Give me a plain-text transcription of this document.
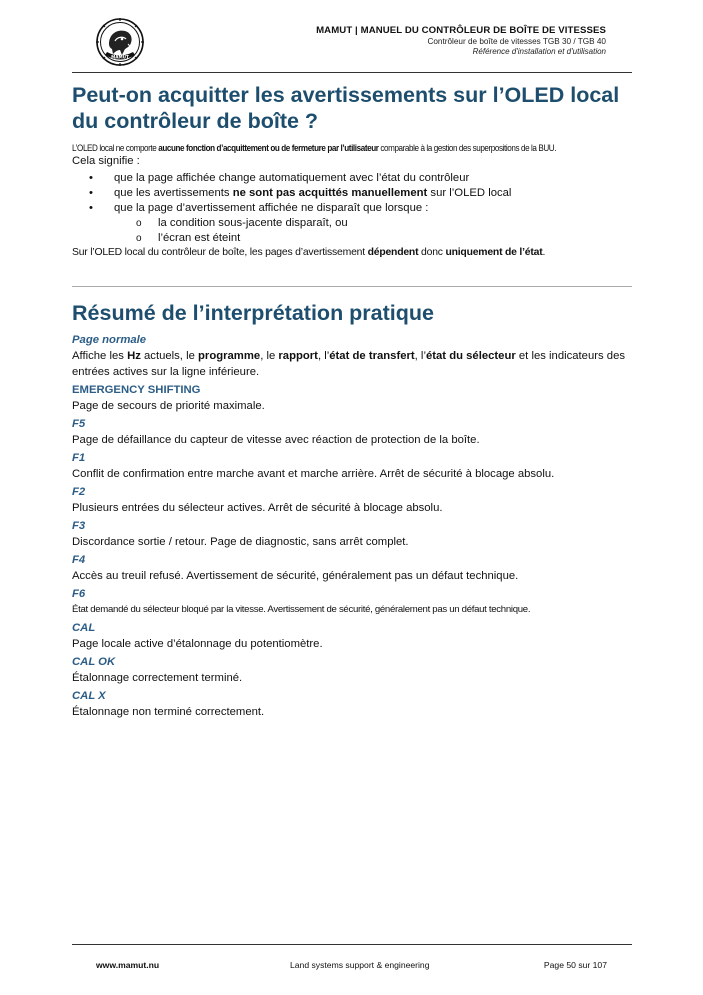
MAMUT
MAMUT | MANUEL DU CONTRÔLEUR DE BOÎTE DE VITESSES
Contrôleur de boîte de vitesses TGB 30 / TGB 40
Référence d'installation et d'utilisation
Peut-on acquitter les avertissements sur l’OLED local du contrôleur de boîte ?
L’OLED local ne comporte aucune fonction d’acquittement ou de fermeture par l’utilisateur comparable à la gestion des superpositions de la BUU.
Cela signifie :
• que la page affichée change automatiquement avec l’état du contrôleur
• que les avertissements ne sont pas acquittés manuellement sur l’OLED local
• que la page d’avertissement affichée ne disparaît que lorsque :
o la condition sous-jacente disparaît, ou
o l’écran est éteint
Sur l’OLED local du contrôleur de boîte, les pages d’avertissement dépendent donc uniquement de l’état.
Résumé de l’interprétation pratique
Page normale
Affiche les Hz actuels, le programme, le rapport, l’état de transfert, l’état du sélecteur et les indicateurs des entrées actives sur la ligne inférieure.
EMERGENCY SHIFTING
Page de secours de priorité maximale.
F5
Page de défaillance du capteur de vitesse avec réaction de protection de la boîte.
F1
Conflit de confirmation entre marche avant et marche arrière. Arrêt de sécurité à blocage absolu.
F2
Plusieurs entrées du sélecteur actives. Arrêt de sécurité à blocage absolu.
F3
Discordance sortie / retour. Page de diagnostic, sans arrêt complet.
F4
Accès au treuil refusé. Avertissement de sécurité, généralement pas un défaut technique.
F6
État demandé du sélecteur bloqué par la vitesse. Avertissement de sécurité, généralement pas un défaut technique.
CAL
Page locale active d’étalonnage du potentiomètre.
CAL OK
Étalonnage correctement terminé.
CAL X
Étalonnage non terminé correctement.
www.mamut.nu	Land systems support & engineering	Page 50 sur 107
